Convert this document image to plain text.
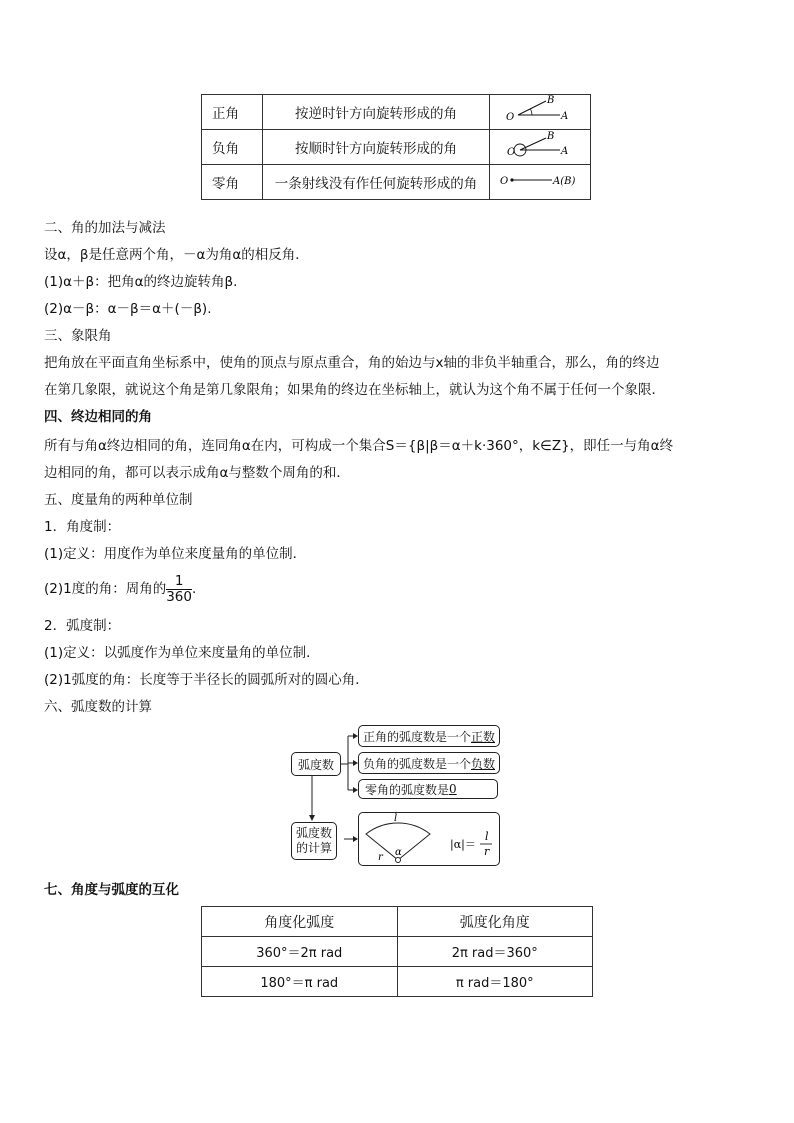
正角	按逆时针方向旋转形成的角	O A
B

负角	按顺时针方向旋转形成的角	O A
B

零角	一条射线没有作任何旋转形成的角	O A(B)
二、角的加法与减法
设α，β是任意两个角，－α为角α的相反角．
(1)α＋β：把角α的终边旋转角β.
(2)α－β：α－β＝α＋(－β).
三、象限角
把角放在平面直角坐标系中，使角的顶点与原点重合，角的始边与x轴的非负半轴重合，那么，角的终边
在第几象限，就说这个角是第几象限角；如果角的终边在坐标轴上，就认为这个角不属于任何一个象限．
四、终边相同的角
所有与角α终边相同的角，连同角α在内，可构成一个集合S＝{β|β＝α＋k·360°，k∈Z}，即任一与角α终
边相同的角，都可以表示成角α与整数个周角的和．
五、度量角的两种单位制
1．角度制：
(1)定义：用度作为单位来度量角的单位制．
(2)1度的角：周角的 $\frac{1}{360}$ .
2．弧度制：
(1)定义：以弧度作为单位来度量角的单位制．
(2)1弧度的角：长度等于半径长的圆弧所对的圆心角．
六、弧度数的计算
弧度数
正角的弧度数是一个 正数
负角的弧度数是一个 负数
零角的弧度数是 0
弧度数
的计算
l
r α
|α|＝
l
r
七、角度与弧度的互化
角度化弧度	弧度化角度
360°＝2π rad	2π rad＝360°
180°＝π rad	π rad＝180°
